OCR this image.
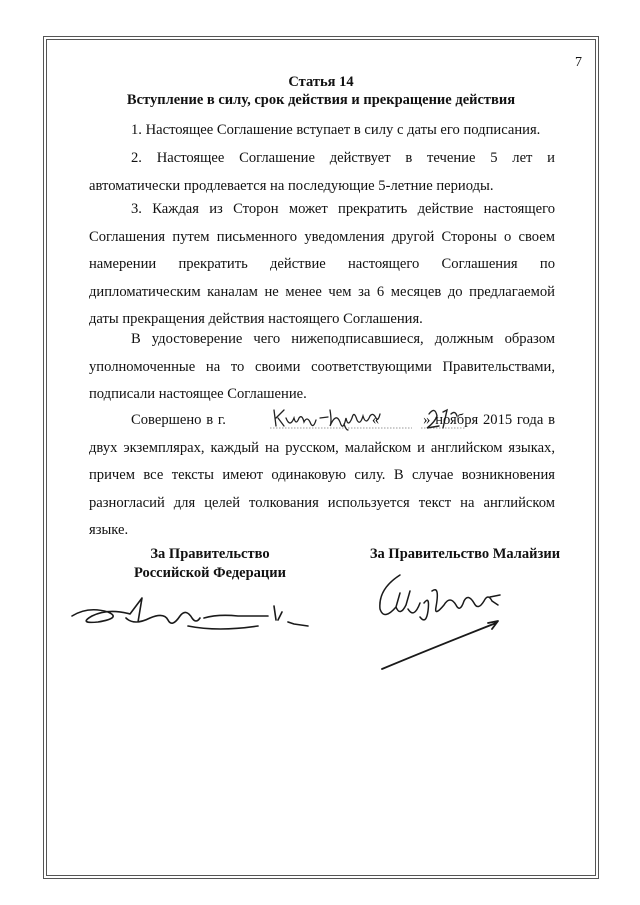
7
Статья 14
Вступление в силу, срок действия и прекращение действия

1. Настоящее Соглашение вступает в силу с даты его подписания.

2. Настоящее Соглашение действует в течение 5 лет и автоматически продлевается на последующие 5-летние периоды.

3. Каждая из Сторон может прекратить действие настоящего Соглашения путем письменного уведомления другой Стороны о своем намерении прекратить действие настоящего Соглашения по дипломатическим каналам не менее чем за 6 месяцев до предлагаемой даты прекращения действия настоящего Соглашения.

В удостоверение чего нижеподписавшиеся, должным образом уполномоченные на то своими соответствующими Правительствами, подписали настоящее Соглашение.

Совершено в г.	«	» ноября 2015 года в двух экземплярах, каждый на русском, малайском и английском языках, причем все тексты имеют одинаковую силу. В случае возникновения разногласий для целей толкования используется текст на английском языке.

За Правительство
Российской Федерации
За Правительство Малайзии
